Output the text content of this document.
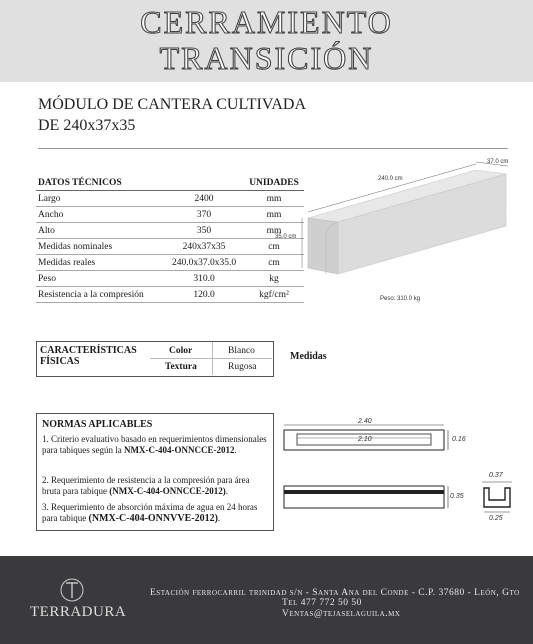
CERRAMIENTO
TRANSICIÓN
MÓDULO DE CANTERA CULTIVADA
DE 240x37x35
DATOS TÉCNICOS		UNIDADES
Largo	2400	mm
Ancho	370	mm
Alto	350	mm
Medidas nominales	240x37x35	cm
Medidas reales	240.0x37.0x35.0	cm
Peso	310.0	kg
Resistencia a la compresión	120.0	kgf/cm²
240.0 cm
37.0 cm
35.0 cm
Peso: 310.0 kg
CARACTERÍSTICAS FÍSICAS
Color	Blanco
Textura	Rugosa
Medidas
NORMAS APLICABLES
1. Criterio evaluativo basado en requerimientos dimensionales para tabiques según la NMX-C-404-ONNCCE-2012.
2. Requerimiento de resistencia a la compresión para área bruta para tabique (NMX-C-404-ONNCCE-2012).
3. Requerimiento de absorción máxima de agua en 24 horas para tabique (NMX-C-404-ONNVVE-2012).
2.40
2.10	0.16
0.35
0.37
0.25
TERRADURA
Estación ferrocarril trinidad s/n - Santa Ana del Conde - C.P. 37680 - León, Gto
Tel 477 772 50 50
Ventas@tejaselaguila.mx
